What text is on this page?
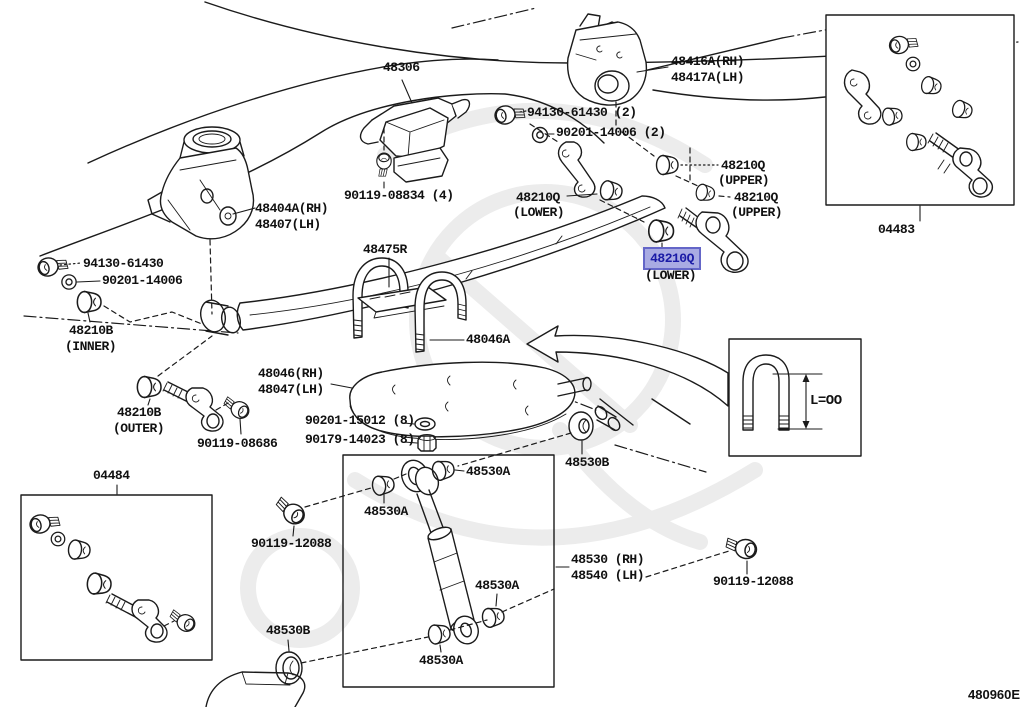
48306
90119-08834 (4)
48416A(RH)
48417A(LH)
94130-61430 (2)
90201-14006 (2)
48210Q
(UPPER)
48210Q
(LOWER)
48210Q
(UPPER)
48210Q
(LOWER)
04483
48404A(RH)
48407(LH)
94130-61430
90201-14006
48210B
(INNER)
48475R
48046A
48046(RH)
48047(LH)
48210B
(OUTER)
90119-08686
90201-15012 (8)
90179-14023 (8)
04484
48530B
48530A
48530A
90119-12088
48530 (RH)
48540 (LH)
48530A
48530B
48530A
90119-12088
L=OO
480960E
